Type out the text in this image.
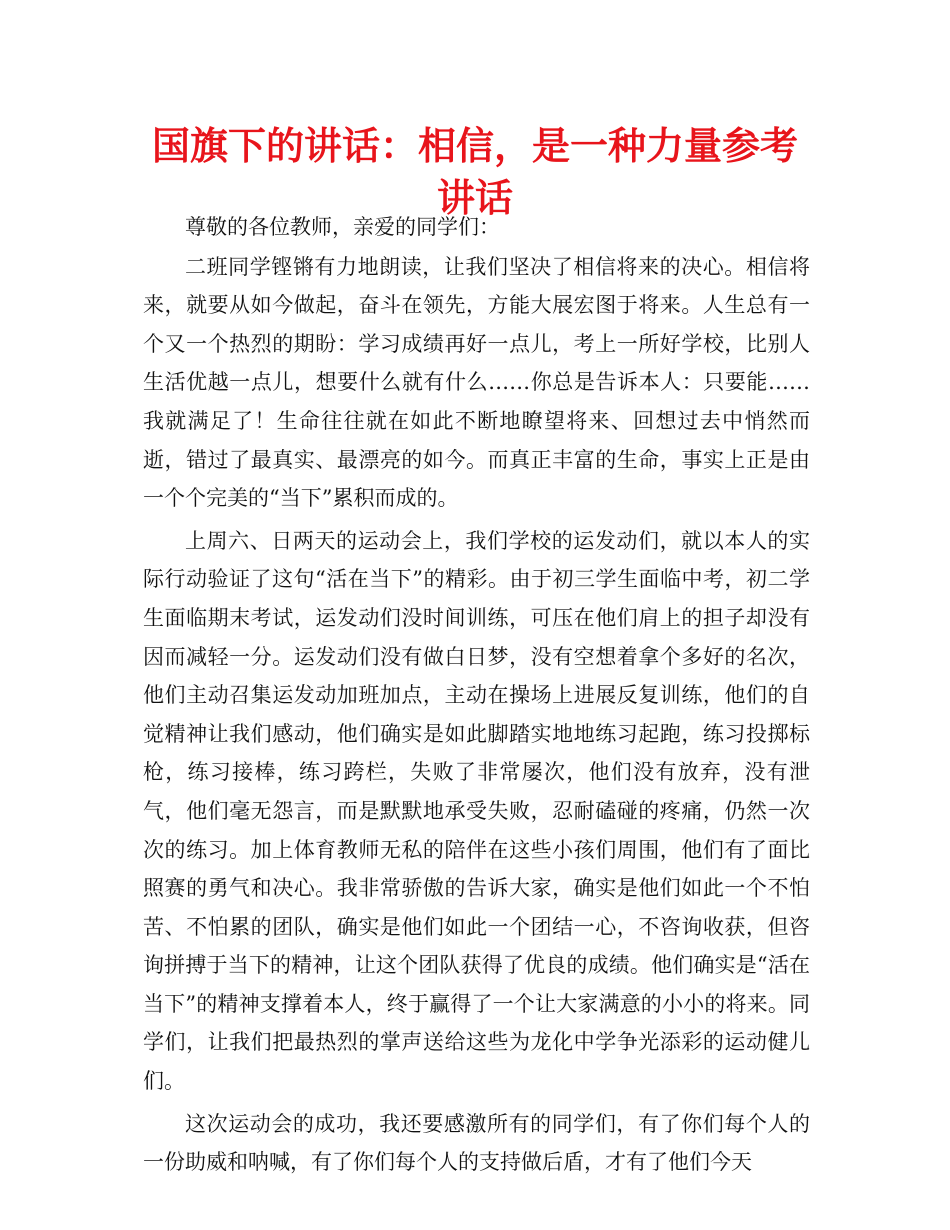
国旗下的讲话：相信，是一种力量参考讲话

尊敬的各位教师，亲爱的同学们：

二班同学铿锵有力地朗读，让我们坚决了相信将来的决心。相信将来，就要从如今做起，奋斗在领先，方能大展宏图于将来。人生总有一个又一个热烈的期盼：学习成绩再好一点儿，考上一所好学校，比别人生活优越一点儿，想要什么就有什么……你总是告诉本人：只要能……我就满足了！生命往往就在如此不断地瞭望将来、回想过去中悄然而逝，错过了最真实、最漂亮的如今。而真正丰富的生命，事实上正是由一个个完美的“当下”累积而成的。

上周六、日两天的运动会上，我们学校的运发动们，就以本人的实际行动验证了这句“活在当下”的精彩。由于初三学生面临中考，初二学生面临期末考试，运发动们没时间训练，可压在他们肩上的担子却没有因而减轻一分。运发动们没有做白日梦，没有空想着拿个多好的名次，他们主动召集运发动加班加点，主动在操场上进展反复训练，他们的自觉精神让我们感动，他们确实是如此脚踏实地地练习起跑，练习投掷标枪，练习接棒，练习跨栏，失败了非常屡次，他们没有放弃，没有泄气，他们毫无怨言，而是默默地承受失败，忍耐磕碰的疼痛，仍然一次次的练习。加上体育教师无私的陪伴在这些小孩们周围，他们有了面比照赛的勇气和决心。我非常骄傲的告诉大家，确实是他们如此一个不怕苦、不怕累的团队，确实是他们如此一个团结一心，不咨询收获，但咨询拼搏于当下的精神，让这个团队获得了优良的成绩。他们确实是“活在当下”的精神支撑着本人，终于赢得了一个让大家满意的小小的将来。同学们，让我们把最热烈的掌声送给这些为龙化中学争光添彩的运动健儿们。

这次运动会的成功，我还要感激所有的同学们，有了你们每个人的一份助威和呐喊，有了你们每个人的支持做后盾，才有了他们今天
